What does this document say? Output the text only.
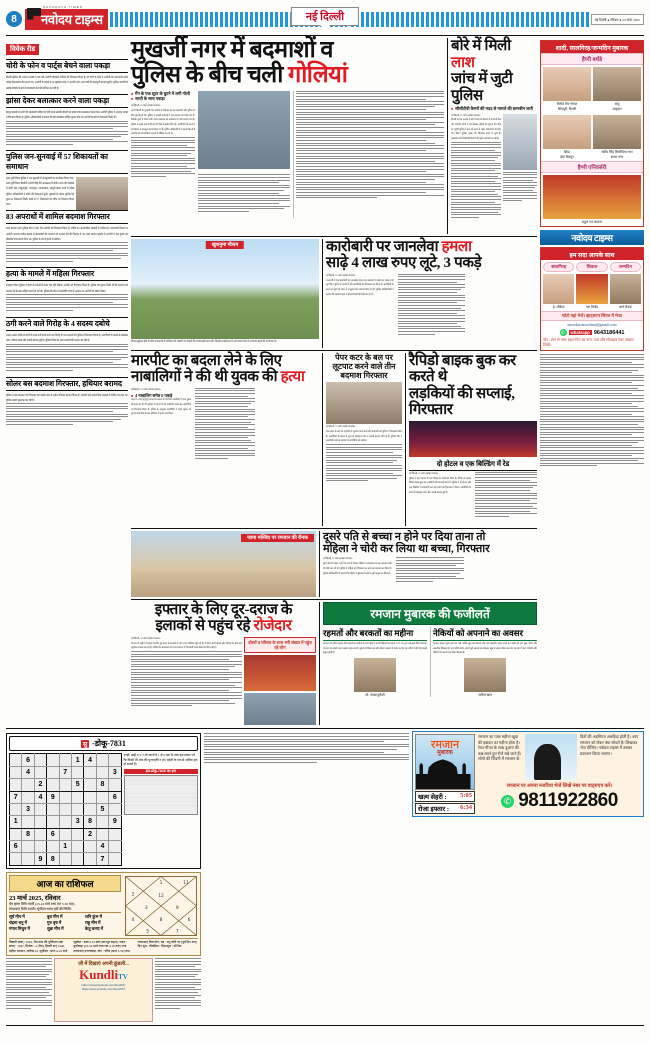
8
NAVODAYA TIMES
नवोदय टाइम्स	नई दिल्ली	नई दिल्ली ● रविवार ● 23 मार्च, 2025
विवेक रीड
चोरी के फोन व पार्ट्स बेचने वाला पकड़ा
दिल्ली पुलिस की अपराध शाखा ने एक ऐसे आरोपी मोहम्मद शारिक को गिरफ्तार किया है, जो चोरी के फोन व आरोपी को जानकारी उनके पार्ट्स निकालकर बेच करता था। आरोपी के कब्जे से 20 मुबाइल फोन, 9 आरोपी और अन्य चोरी की कलपुर्जे बरामद हुई हैं। पुलिस आरोपी से उसके नेटवर्क के बारे में जानकारी लेने की कोशिश कर रही है।
झांसा देकर बलात्कार करने वाला पकड़ा
मैनपुर इलाके में शादी की जानकारी महिला से चोरी करने उसकी नौकरी का झांसा देकर बलात्कार करने वाले आरोपी पुलिस ने अपराध शाखा ने गिरफ्तार किया है। पुलिस अधिकारियों ने बताया कि हेड कांस्टेबल मोहित कुमार टीम को आरोपी के बारे में जानकारी मिली थी।
पुलिस जन-सुनवाई में 57 शिकायतों का समाधान
उत्तर-पूर्वी जिला पुलिस ने जन सुनवाई में जनसुनवाई का कार्यक्रम किया गया। उत्तर-पूर्वी जिला डीसीपी अपर्णा सिंह की अध्यक्षता में संयोग सभा की देखरेख में लोनी रोड, गोकुलपुरी, भजनपुरा, जाफराबाद, खजूरी खास थानों में वरिष्ठ पुलिस अधिकारियों ने लोगों की शिकायतें सुनीं। सुनवाई के दौरान पुलिस को कुल 64 शिकायतें मिलीं। इनमें से 57 शिकायतों का मौके पर निपटारा किया गया।
83 अपराधों में शामिल बदमाश गिरफ्तार
सदर बाजार थाना पुलिस टीम ने एक ऐसे आरोपी को गिरफ्तार किया है, जोकि 83 आपराधिक मामलों में शामिल है। जानकारी मिलने पर आरोपी आजाद मार्केट इलाके में झपटमारी की वारदात को अंजाम देने की फिराक में था। सदर बाजार इलाके में आरोपी ने एक युवक का मोबाइल फोन झपट लिया था। पुलिस ने उसे दो हाथों से दबोचा।
हत्या के मामले में महिला गिरफ्तार
शाहदरा जिला पुलिस ने हत्या के मामले में फरार चल रही महिला आरोपी को गिरफ्तार किया है। पुलिस को सूचना मिली थी कि वारदात को अंजाम देने के बाद महिला फरार हो गई थी। पुलिस की टीम ने तकनीकी जांच के आधार पर आरोपी को दबोच लिया।
ठगी करने वाले गिरोह के 4 सदस्य दबोचे
अलग-अलग तरीके से लोगों के साथ ठगी करने वाले एक गिरोह के चार सदस्यों को पुलिस ने गिरफ्तार किया है। आरोपियों के कब्जे से मोबाइल फोन, एटीएम कार्ड और नकदी बरामद हुई है। पुलिस गिरोह के अन्य सदस्यों की तलाश कर रही है।
सोलर बस बदमाश गिरफ्तार, हथियार बरामद
पुलिस ने एक बदमाश को गिरफ्तार कर उसके पास से अवैध हथियार बरामद किया है। आरोपी कई आपराधिक मामलों में वांछित चल रहा था। पुलिस उससे पूछताछ कर रही है।
मुखर्जी नगर में बदमाशों व
पुलिस के बीच चली गोलियां
■ गैंग के एक शूटर के घुटने में लगी गोली
■ साथी के साथ पकड़ा
नई दिल्ली, 22 मार्च (नवोदय टाइम्स):
उत्तरी दिल्ली के मुखर्जी नगर इलाके में शनिवार देर रात बदमाशों और पुलिस के बीच मुठभेड़ हो गई। पुलिस ने जवाबी कार्रवाई में एक बदमाश को गोली मार दी, जिसके घुटने में गोली लगी। घायल बदमाश को अस्पताल में भर्ती कराया गया है। पुलिस ने उसके एक साथी को भी मौके से दबोच लिया है। आरोपियों के कब्जे से दो पिस्टल व कारतूस बरामद किए गए हैं। पुलिस अधिकारियों ने बताया कि दोनों आरोपी कई आपराधिक मामलों में वांछित चल रहे थे।

बोरे में मिली लाश
जांच में जुटी पुलिस
■ सीसीटीवी कैमरों की मदद से मामले की छानबीन जारी
नई दिल्ली, 22 मार्च (नवोदय टाइम्स):
दिल्ली के एक इलाके में बोरे में बंद शव मिलने से सनसनी फैल गई। स्थानीय लोगों ने शव देखकर पुलिस को सूचना दी। मौके पर पहुंची पुलिस ने शव को कब्जे में लेकर पोस्टमार्टम के लिए भेज दिया। पुलिस मृतक की शिनाख्त करने में जुटी है। आसपास लगे सीसीटीवी कैमरों की फुटेज खंगाली जा रही है।
खुशनुमा मौसम
मौसम सुहाना होने के बीच राजधानी में शनिवार को सड़कों पर वाहनों की आवाजाही कम रही। दिल्ली-एनसीआर में आने वाले दिनों में तापमान बढ़ने की संभावना है।
कारोबारी पर जानलेवा हमला
साढ़े 4 लाख रुपए लूटे, 3 पकड़े
नई दिल्ली, 22 मार्च (नवोदय टाइम्स):
राजधानी में एक कारोबारी पर जानलेवा हमला कर बदमाशों ने साढ़े चार लाख रुपए लूट लिए। पुलिस ने मामले में तीन आरोपियों को गिरफ्तार कर लिया है। आरोपियों के कब्जे से लूटी गई रकम में से कुछ रुपए बरामद किए गए हैं। पुलिस अधिकारियों ने बताया कि आरोपी पहले से ही कारोबारी की रेकी कर रहे थे।
मारपीट का बदला लेने के लिए
नाबालिगों ने की थी युवक की हत्या
फरीदाबाद, 22 मार्च (नवोदय टाइम्स):
■ 4 नाबालिग समेत 6 पकड़े
शहर में 4 माह पूर्व हुए झगड़े का बदला लेने के लिए नाबालिगों ने एक युवक की हत्या कर दी थी। पुलिस ने मामले में चार नाबालिग समेत छह आरोपियों को गिरफ्तार किया है। पुलिस के अनुसार आरोपियों ने पहले युवक को बुलाया और फिर धारदार हथियार से हमला कर दिया।
पेपर कटर के बल पर लूटपाट करने वाले तीन बदमाश गिरफ्तार
नई दिल्ली, 22 मार्च (नवोदय टाइम्स):
पेपर कटर के बल पर राहगीरों से लूटपाट करने वाले तीन बदमाशों को पुलिस ने गिरफ्तार किया है। आरोपियों के कब्जे से लूटे गए मोबाइल फोन व नकदी बरामद की गई है। पुलिस टीम ने तकनीकी जांच के आधार पर आरोपियों को दबोचा।
रैपिडो बाइक बुक कर करते थे
लड़कियों की सप्लाई, गिरफ्तार
दो होटल व एक बिल्डिंग में रेड
नई दिल्ली, 22 मार्च (नवोदय टाइम्स):
पुलिस ने देह व्यापार के एक गिरोह का पर्दाफाश किया है। गिरोह के सदस्य रैपिडो बाइक बुक कर लड़कियों की सप्लाई करते थे। पुलिस ने दो होटल और एक बिल्डिंग में छापेमारी कर कई लोगों को हिरासत में लिया। आरोपियों के कब्जे से मोबाइल फोन और नकदी बरामद हुई है।
जामा मस्जिद पर रमजान की रौनक	दूसरे पति से बच्चा न होने पर दिया ताना तो
महिला ने चोरी कर लिया था बच्चा, गिरफ्तार
नई दिल्ली, 22 मार्च (नवोदय टाइम्स):
दूसरे पति से बच्चा न होने के ताने से परेशान महिला ने अस्पताल से एक नवजात बच्चे की चोरी कर ली थी। पुलिस ने महिला को गिरफ्तार कर बच्चे को बरामद कर लिया है। पुलिस अधिकारियों ने बताया कि महिला ने पूछताछ में अपना जुर्म कबूल कर लिया है।
इफ्तार के लिए दूर-दराज के
इलाकों से पहुंच रहे रोजेदार
नई दिल्ली, 22 मार्च (नवोदय टाइम्स):
रमजान के महीने में इफ्तार के लिए दूर-दराज के इलाकों से लोग जामा मस्जिद पहुंच रहे हैं। रोजेदार अपने दोस्तों और परिवार के साथ यहां पहुंचकर इफ्तार कर रहे हैं। मस्जिद के आसपास लगने वाले बाजार में भी खासी रौनक देखने को मिल रही है।
दोस्तों व परिवार के साथ भरी संख्या में पहुंच रहे लोग
रमजान मुबारक की फजीलतें
रहमतों और बरकतों का महीना
रमजान का महीना रहमत और बरकतों का महीना है। इस महीने में अपनी नेकियों का सवाब 70 से 700 गुना तक बढ़ा दिया जाता है। रमजान का सबसे पहला अशरा रहमत का है, दूसरा मगफिरत का और तीसरा जहन्नम से बचाव का है। इस महीने में की गई इबादतें कुबूल होती हैं।
मो. नवाब कुरैशी
नेकियों को अपनाने का अवसर
रमजान केवल भूखा रहने का नहीं, बल्कि खुद को संवारने और एक बेहतरीन इंसान बनने का महीना है। हमें भूख, प्यास और तकलीफ सिखाता है। इस महीने इंसान अपनी दूरी आदतों को छोड़कर खुद से लड़ना सीख जाता है। रमजान में सब्र, भाईचारे और नेकियों को अपनाने का मौका मिलता है।
अनीस खान
शादी, सालगिरह/जन्मदिन मुबारक
हैप्पी बर्थडे
विनीत गिर गोयल
शिवपुरी, दिल्ली
अंशु
शाहदरा
शिप्रा
ईस्ट बैंकपुर
संदीप सिंह सिसोदिया नाथ
संध्या नगर
हैप्पी एनिवर्सरी
राहुल एवं कामना
नवोदय टाइम्स
हम सदा आपके साथ
सालगिरह	शिवाल	जन्मदिन
हे. लोकेश	एस विजेंद्र	आर्य सेवक
फोटो यहां भेजें। व्हाट्सएप सिंपल में भेजा
navodayasoochna@gmail.com
✆	whatsapp 9643186441
नोट : शेल से नाम, शहर-पिन का नाम, पता और मोबाइल नंबर अवश्य लिखें।
सु -डोकू-7831
	6				1	4		
	4			7				3
		2			5		8	
7		4	9					6
	3						5	
1					3	8		9
	8		6			2		
6				1			4	
		9	8				7	
आड़ी, खड़ी व 3×3 के खानों में 1 से 9 तक के अंक इस प्रकार भरें कि किसी भी अंक की पुनरावृत्ति न हो। पहेली के एक से अधिक हल हो सकते हैं।
हल-डोकू-7830 का हल
आज का राशिफल
23 मार्च 2025, रविवार
चैत्र कृष्ण तिथि नवमी (23-24 मार्च मध्य रात 5.36 तक)
तत्पश्चात् तिथि दशमी। सूर्योदय समय वृषी की स्थिति:
सूर्य मीन में	बुध मीन में	शनि कुंभ में
चंद्रमा धनु में	गुरु वृष में	राहु मीन में
मंगल मिथुन में	शुक्र मीन में	केतु कन्या में
1	11
2	12
3	9
4	8	6
5	7
विक्रमी संवत् : 2081, चैत्र मास की पूर्णिमांत शक संवत् : 1947, दिनांक : 2 (चैत्र), हिजरी सन् 1446, महीना रमजान, तारीख 22, सूर्योदय : प्रात: 6.22 बजे, सूर्यास्त : सायं 6.33 बजे (कानपुर टाइम), नक्षत्र : पूर्वाषाढ़ा (23-24 मार्च मध्य रात 4.18 तक) तथा तत्पश्चात् उत्तराषाढ़ा, योग : परिघ (सायं 5.50) तथा तत्पश्चात् शिव योग, चंद्र : धनु राशि पर (पूर्व दिन-रात) दिन शुभ, चौघड़िया : दिशाशूल : पश्चिम
जी में दिखाएं अपनी कुंडली...
KundliTV
https://www.facebook.com/KundliTv
https://www.youtube.com/KundliTV
रमजान
मुबारक
खत्म सेहरी : 5:05
रोजा इफ्तार : 6:34
रमजान का पाक महीना खुदा की इबादत का महीना होता है। रेका-नीयत के साथ दुआएं की कब्र करते हुए रोजे रखे जाते हैं। लोगों की जिंदगी में रमजान के
दिनों की अहमियत अलहिदा होती है। आप रमजान को लेकर क्या सोचते हैं। लिखकर भेज दीजिए। नवोदय टाइम्स में उसका प्रकाशन किया जाएगा।
रमजान पर अपना नजरिया भेजें लिखें नंबर पर वाट्सएप करें।
✆ 9811922860
